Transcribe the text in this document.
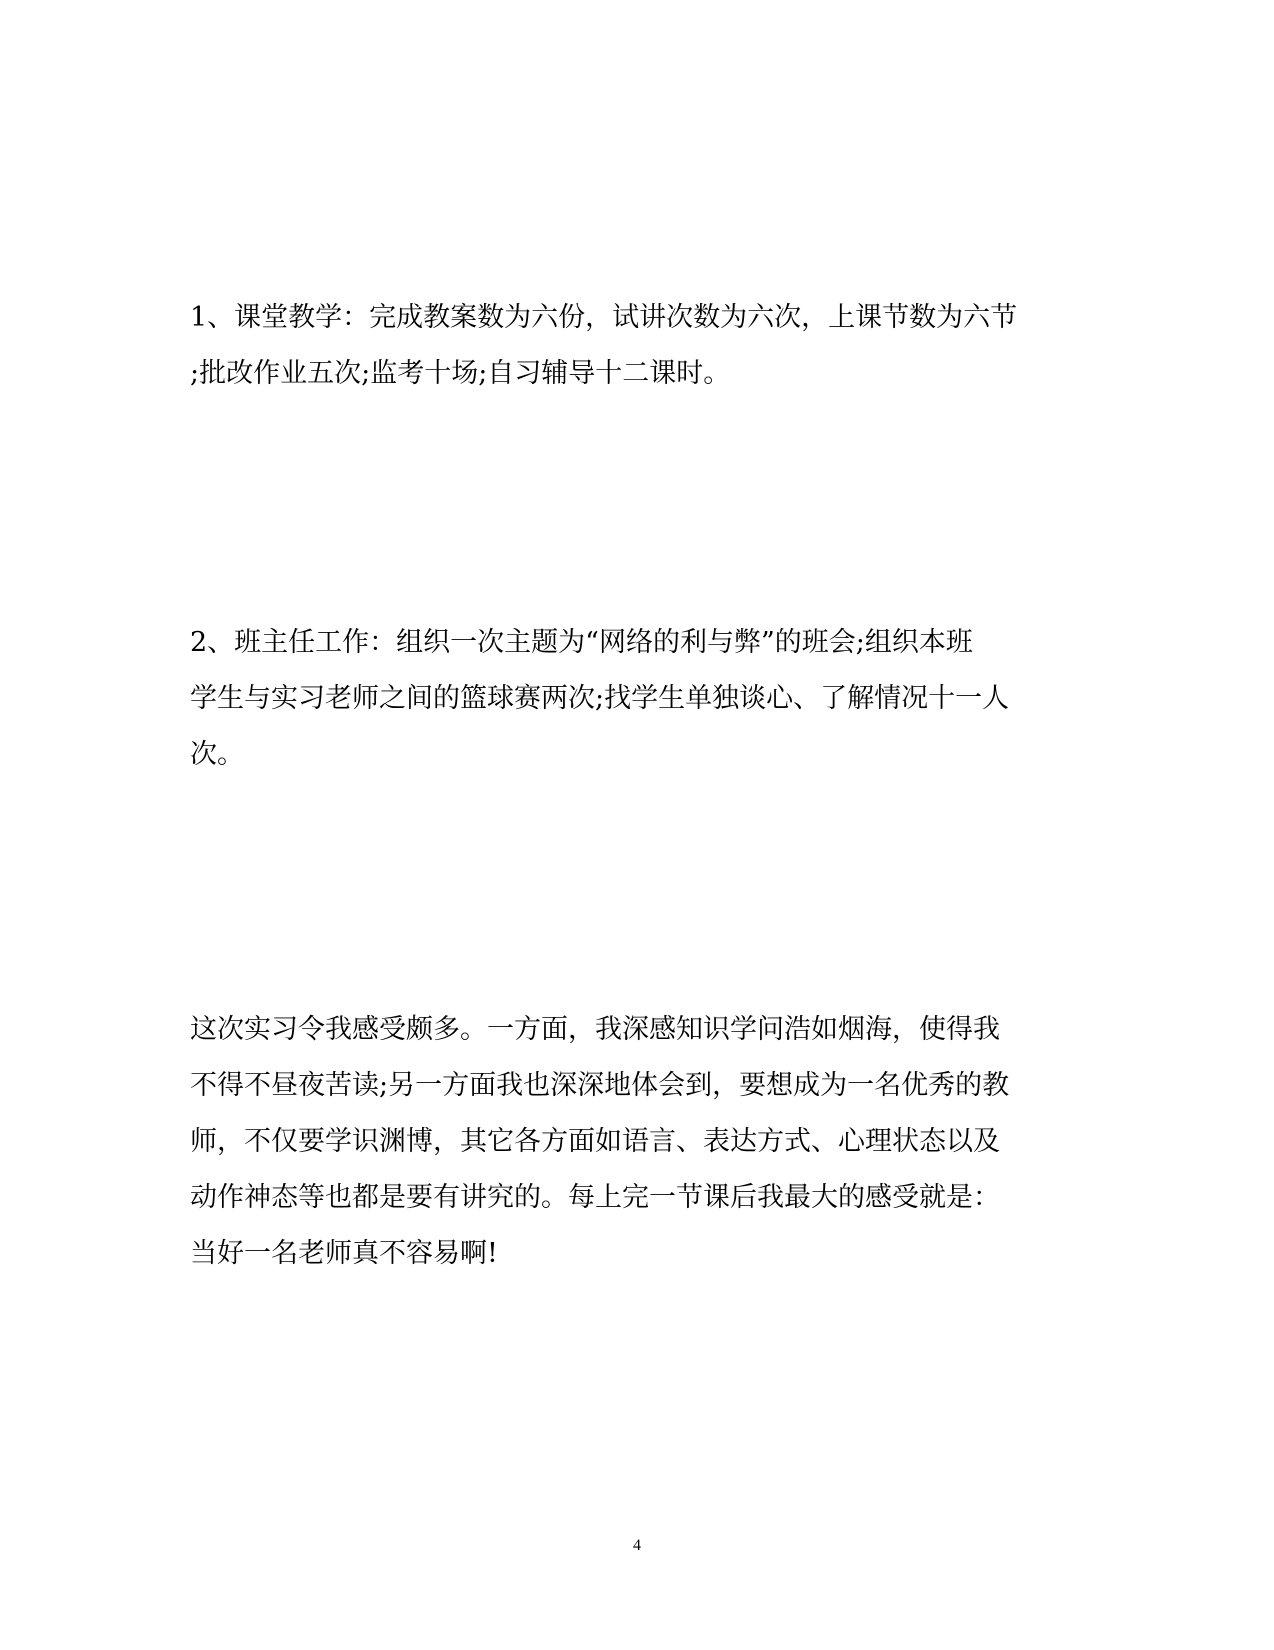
1、课堂教学：完成教案数为六份，试讲次数为六次，上课节数为六节
;批改作业五次;监考十场;自习辅导十二课时。

2、班主任工作：组织一次主题为“网络的利与弊”的班会;组织本班
学生与实习老师之间的篮球赛两次;找学生单独谈心、了解情况十一人
次。

这次实习令我感受颇多。一方面，我深感知识学问浩如烟海，使得我
不得不昼夜苦读;另一方面我也深深地体会到，要想成为一名优秀的教
师，不仅要学识渊博，其它各方面如语言、表达方式、心理状态以及
动作神态等也都是要有讲究的。每上完一节课后我最大的感受就是：
当好一名老师真不容易啊!

4
